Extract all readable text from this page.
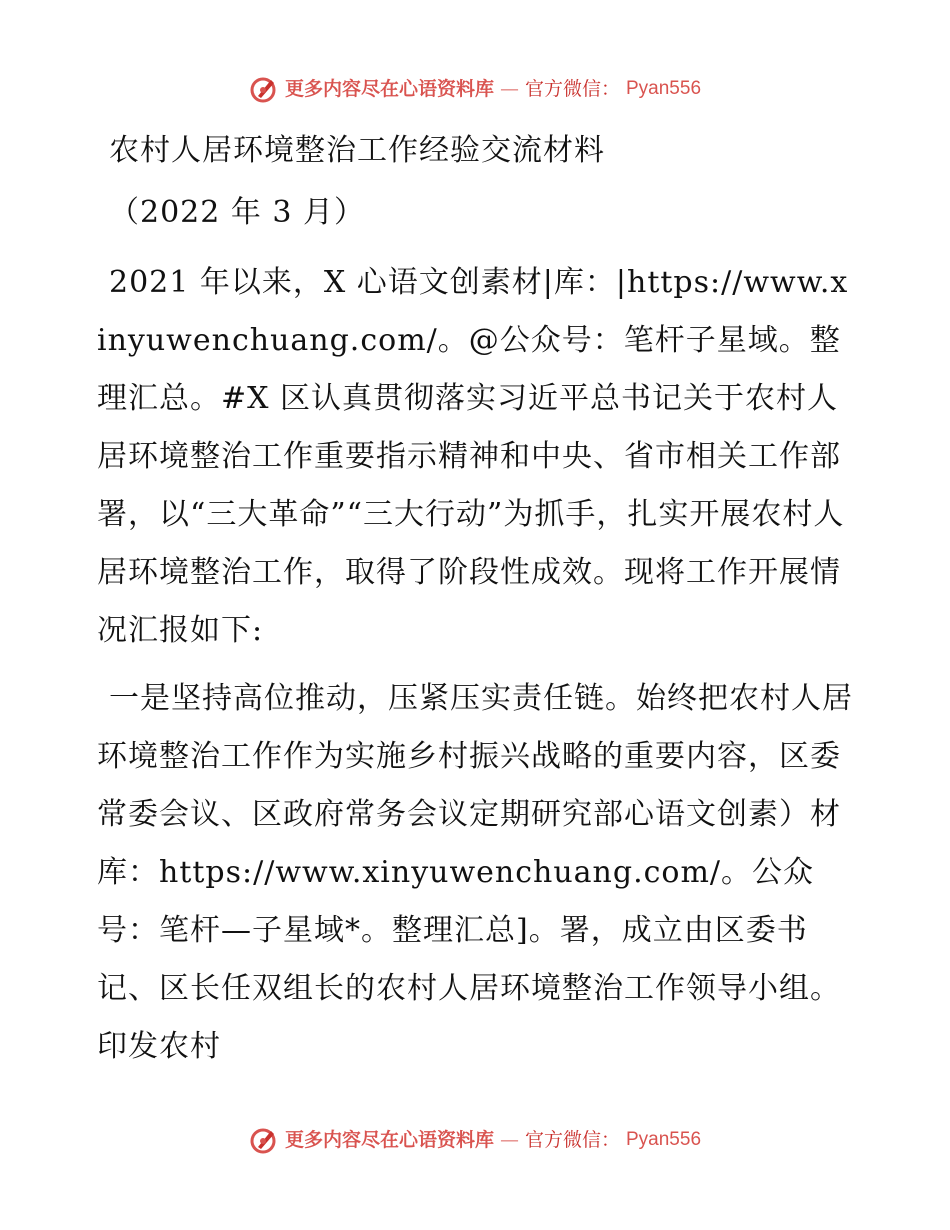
更多内容尽在心语资料库 — 官方微信： Pyan556

农村人居环境整治工作经验交流材料

（2022 年 3 月）

2021 年以来，X 心语文创素材|库：|https://www.xinyuwenchuang.com/。@公众号：笔杆子星域。整理汇总。#X 区认真贯彻落实习近平总书记关于农村人居环境整治工作重要指示精神和中央、省市相关工作部署，以“三大革命”“三大行动”为抓手，扎实开展农村人居环境整治工作，取得了阶段性成效。现将工作开展情况汇报如下:

一是坚持高位推动，压紧压实责任链。始终把农村人居环境整治工作作为实施乡村振兴战略的重要内容，区委常委会议、区政府常务会议定期研究部心语文创素）材库：https://www.xinyuwenchuang.com/。公众号：笔杆—子星域*。整理汇总]。署，成立由区委书记、区长任双组长的农村人居环境整治工作领导小组。印发农村

更多内容尽在心语资料库 — 官方微信： Pyan556
